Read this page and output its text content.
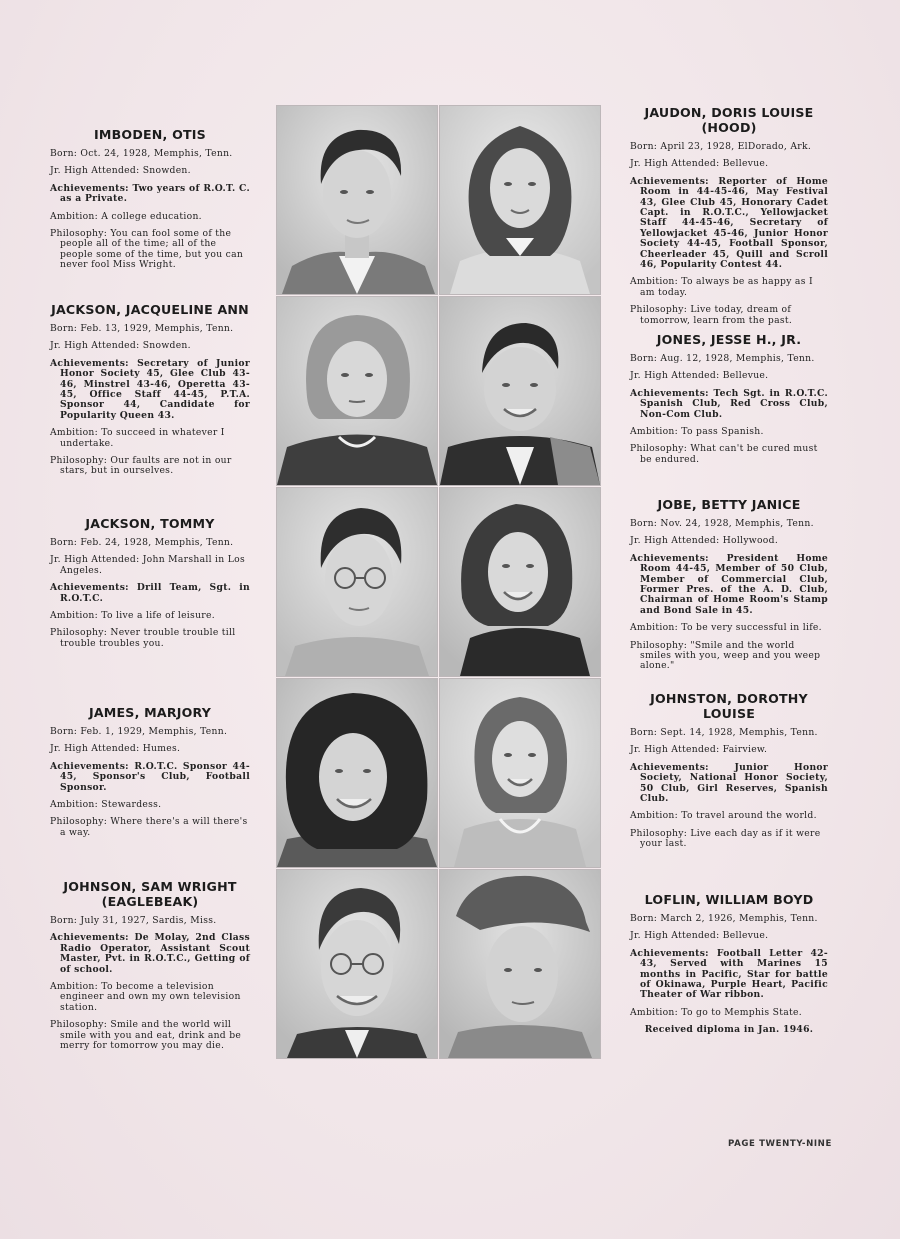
IMBODEN, OTIS
Born: Oct. 24, 1928, Memphis, Tenn.
Jr. High Attended: Snowden.
Achievements: Two years of R.O.T. C. as a Private.
Ambition: A college education.
Philosophy: You can fool some of the people all of the time; all of the people some of the time, but you can never fool Miss Wright.
JACKSON, JACQUELINE ANN
Born: Feb. 13, 1929, Memphis, Tenn.
Jr. High Attended: Snowden.
Achievements: Secretary of Junior Honor Society 45, Glee Club 43-46, Minstrel 43-46, Operetta 43-45, Office Staff 44-45, P.T.A. Sponsor 44, Candidate for Popularity Queen 43.
Ambition: To succeed in whatever I undertake.
Philosophy: Our faults are not in our stars, but in ourselves.
JACKSON, TOMMY
Born: Feb. 24, 1928, Memphis, Tenn.
Jr. High Attended: John Marshall in Los Angeles.
Achievements: Drill Team, Sgt. in R.O.T.C.
Ambition: To live a life of leisure.
Philosophy: Never trouble trouble till trouble troubles you.
JAMES, MARJORY
Born: Feb. 1, 1929, Memphis, Tenn.
Jr. High Attended: Humes.
Achievements: R.O.T.C. Sponsor 44-45, Sponsor's Club, Football Sponsor.
Ambition: Stewardess.
Philosophy: Where there's a will there's a way.
JOHNSON, SAM WRIGHT (EAGLEBEAK)
Born: July 31, 1927, Sardis, Miss.
Achievements: De Molay, 2nd Class Radio Operator, Assistant Scout Master, Pvt. in R.O.T.C., Getting of of school.
Ambition: To become a television engineer and own my own television station.
Philosophy: Smile and the world will smile with you and eat, drink and be merry for tomorrow you may die.
JAUDON, DORIS LOUISE (HOOD)
Born: April 23, 1928, ElDorado, Ark.
Jr. High Attended: Bellevue.
Achievements: Reporter of Home Room in 44-45-46, May Festival 43, Glee Club 45, Honorary Cadet Capt. in R.O.T.C., Yellowjacket Staff 44-45-46, Secretary of Yellowjacket 45-46, Junior Honor Society 44-45, Football Sponsor, Cheerleader 45, Quill and Scroll 46, Popularity Contest 44.
Ambition: To always be as happy as I am today.
Philosophy: Live today, dream of tomorrow, learn from the past.
JONES, JESSE H., JR.
Born: Aug. 12, 1928, Memphis, Tenn.
Jr. High Attended: Bellevue.
Achievements: Tech Sgt. in R.O.T.C. Spanish Club, Red Cross Club, Non-Com Club.
Ambition: To pass Spanish.
Philosophy: What can't be cured must be endured.
JOBE, BETTY JANICE
Born: Nov. 24, 1928, Memphis, Tenn.
Jr. High Attended: Hollywood.
Achievements: President Home Room 44-45, Member of 50 Club, Member of Commercial Club, Former Pres. of the A. D. Club, Chairman of Home Room's Stamp and Bond Sale in 45.
Ambition: To be very successful in life.
Philosophy: "Smile and the world smiles with you, weep and you weep alone."
JOHNSTON, DOROTHY LOUISE
Born: Sept. 14, 1928, Memphis, Tenn.
Jr. High Attended: Fairview.
Achievements: Junior Honor Society, National Honor Society, 50 Club, Girl Reserves, Spanish Club.
Ambition: To travel around the world.
Philosophy: Live each day as if it were your last.
LOFLIN, WILLIAM BOYD
Born: March 2, 1926, Memphis, Tenn.
Jr. High Attended: Bellevue.
Achievements: Football Letter 42-43, Served with Marines 15 months in Pacific, Star for battle of Okinawa, Purple Heart, Pacific Theater of War ribbon.
Ambition: To go to Memphis State.
Received diploma in Jan. 1946.
PAGE TWENTY-NINE
